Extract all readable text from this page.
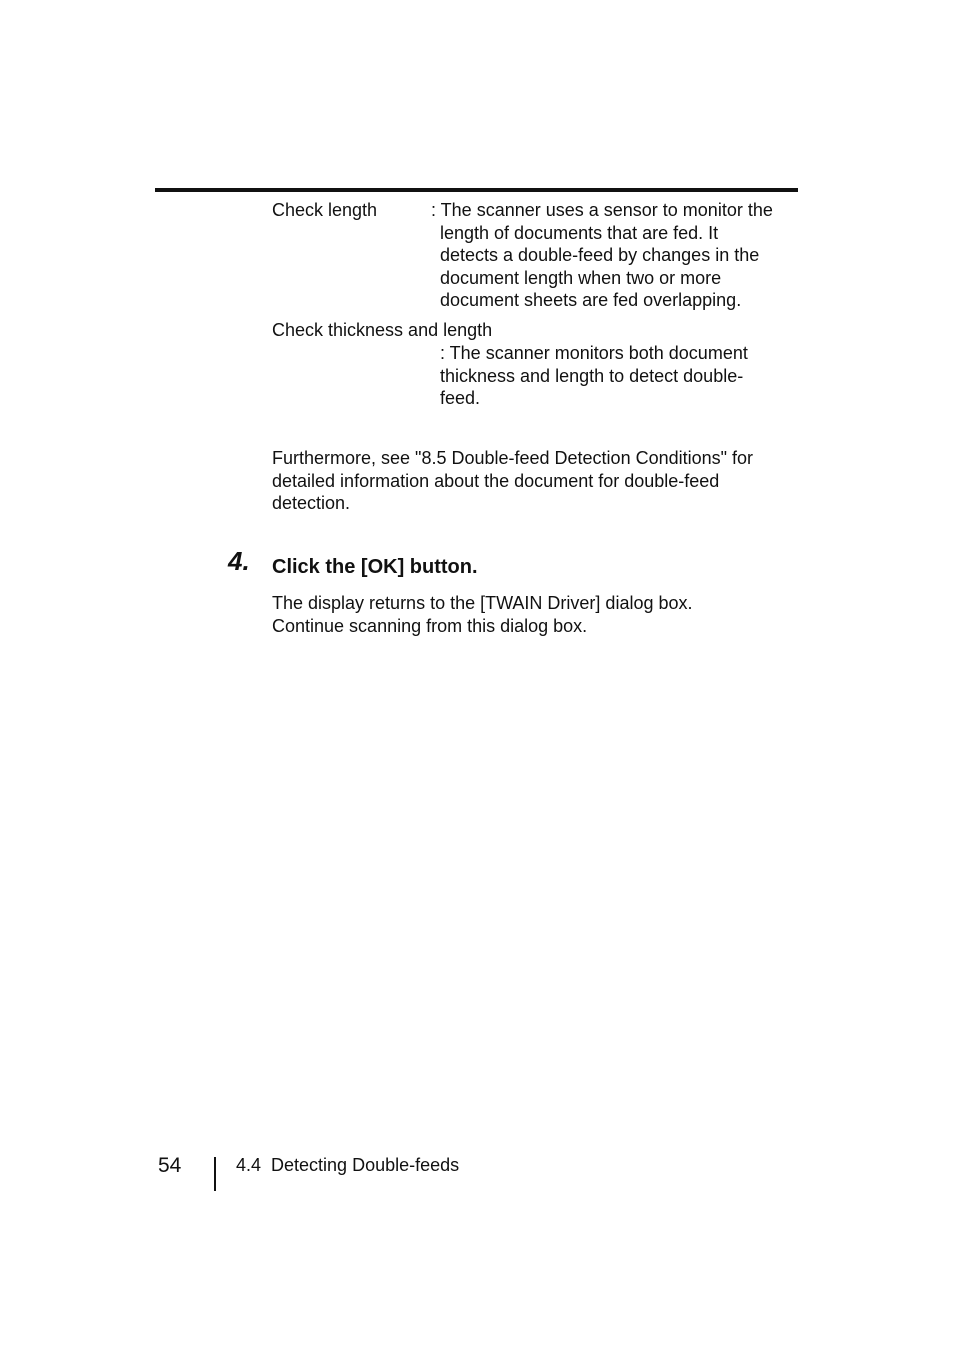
Check length	: The scanner uses a sensor to monitor the
length of documents that are fed. It
detects a double-feed by changes in the
document length when two or more
document sheets are fed overlapping.
Check thickness and length
: The scanner monitors both document
thickness and length to detect double-
feed.
Furthermore, see "8.5 Double-feed Detection Conditions" for
detailed information about the document for double-feed
detection.
4. Click the [OK] button.
The display returns to the [TWAIN Driver] dialog box.
Continue scanning from this dialog box.
54	4.4  Detecting Double-feeds
